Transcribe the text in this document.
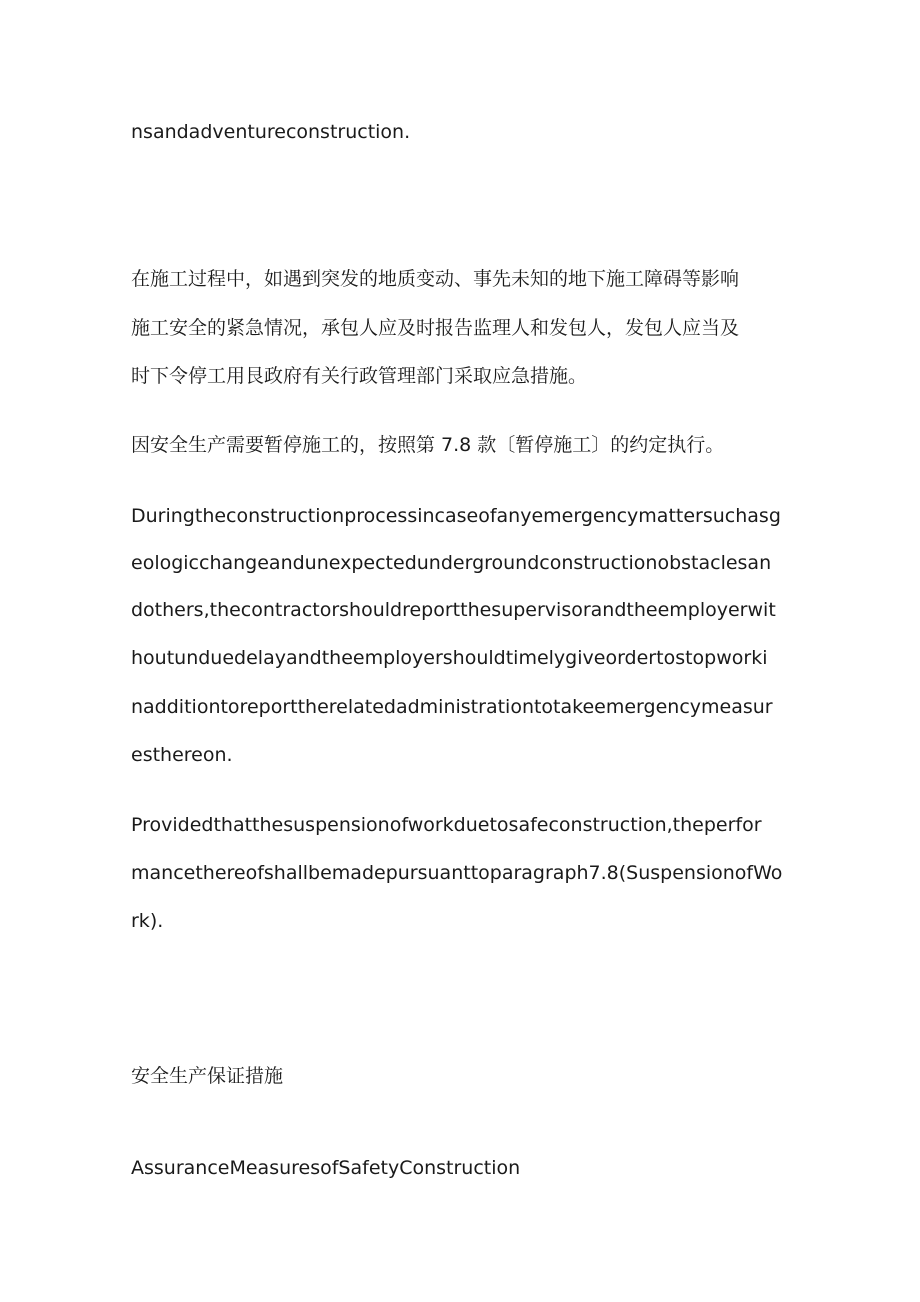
nsandadventureconstruction.

在施工过程中，如遇到突发的地质变动、事先未知的地下施工障碍等影响

施工安全的紧急情况，承包人应及时报告监理人和发包人，发包人应当及

时下令停工用艮政府有关行政管理部门采取应急措施。

因安全生产需要暂停施工的，按照第 7.8 款〔暂停施工〕的约定执行。

Duringtheconstructionprocessincaseofanyemergencymattersuchasg

eologicchangeandunexpectedundergroundconstructionobstaclesan

dothers,thecontractorshouldreportthesupervisorandtheemployerwit

houtunduedelayandtheemployershouldtimelygiveordertostopworki

nadditiontoreporttherelatedadministrationtotakeemergencymeasur

esthereon.

Providedthatthesuspensionofworkduetosafeconstruction,theperfor

mancethereofshallbemadepursuanttoparagraph7.8(SuspensionofWo

rk).

安全生产保证措施

AssuranceMeasuresofSafetyConstruction
